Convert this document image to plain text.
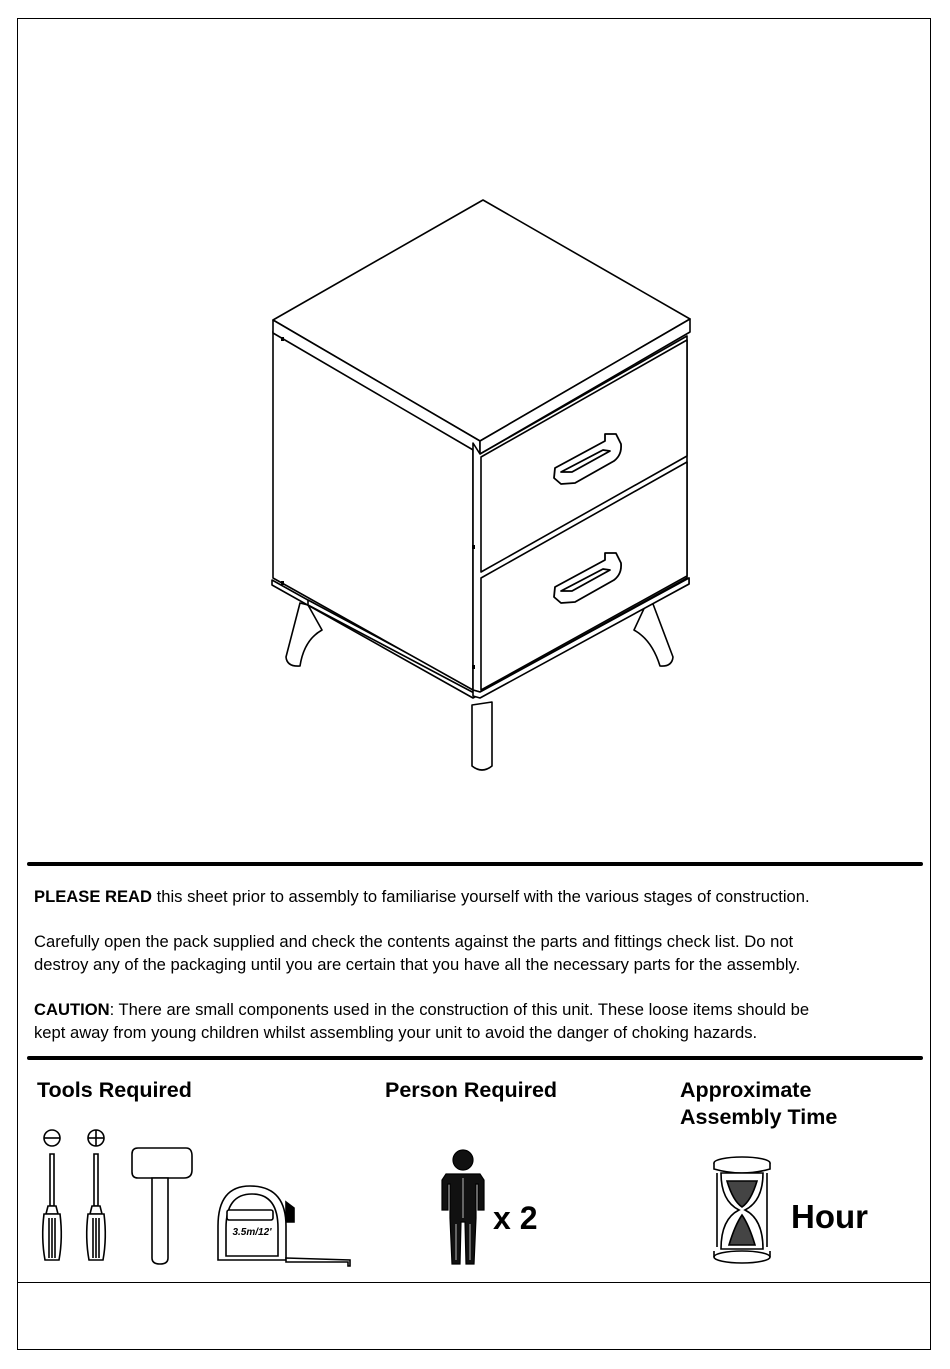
PLEASE READ this sheet prior to assembly to familiarise yourself with the various stages of construction.
Carefully open the pack supplied and check the contents against the parts and fittings check list. Do not
destroy any of the packaging until you are certain that you have all the necessary parts for the assembly.
CAUTION: There are small components used in the construction of this unit. These loose items should be
kept away from young children whilst assembling your unit to avoid the danger of choking hazards.
Tools Required
3.5m/12'
Person Required
x 2
Approximate
Assembly Time
Hour
